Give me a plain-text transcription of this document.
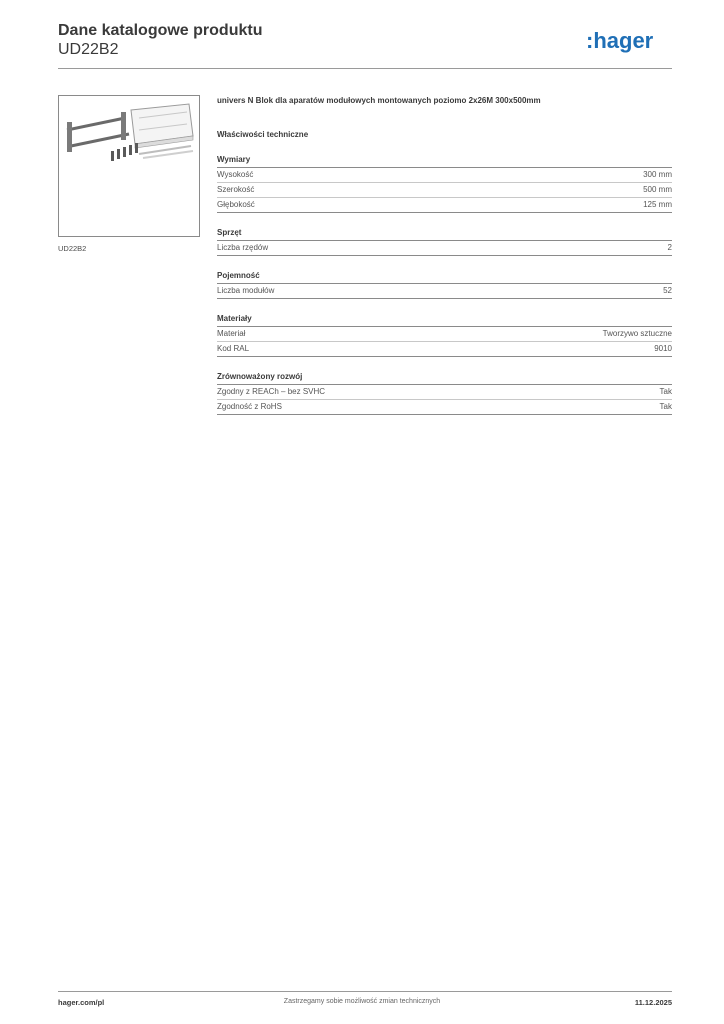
Dane katalogowe produktu
UD22B2	:hager
UD22B2

univers N Blok dla aparatów modułowych montowanych poziomo 2x26M 300x500mm

Właściwości techniczne
Wymiary
Wysokość	300 mm
Szerokość	500 mm
Głębokość	125 mm
Sprzęt
Liczba rzędów	2
Pojemność
Liczba modułów	52
Materiały
Materiał	Tworzywo sztuczne
Kod RAL	9010
Zrównoważony rozwój
Zgodny z REACh – bez SVHC	Tak
Zgodność z RoHS	Tak
hager.com/pl	Zastrzegamy sobie możliwość zmian technicznych	11.12.2025
